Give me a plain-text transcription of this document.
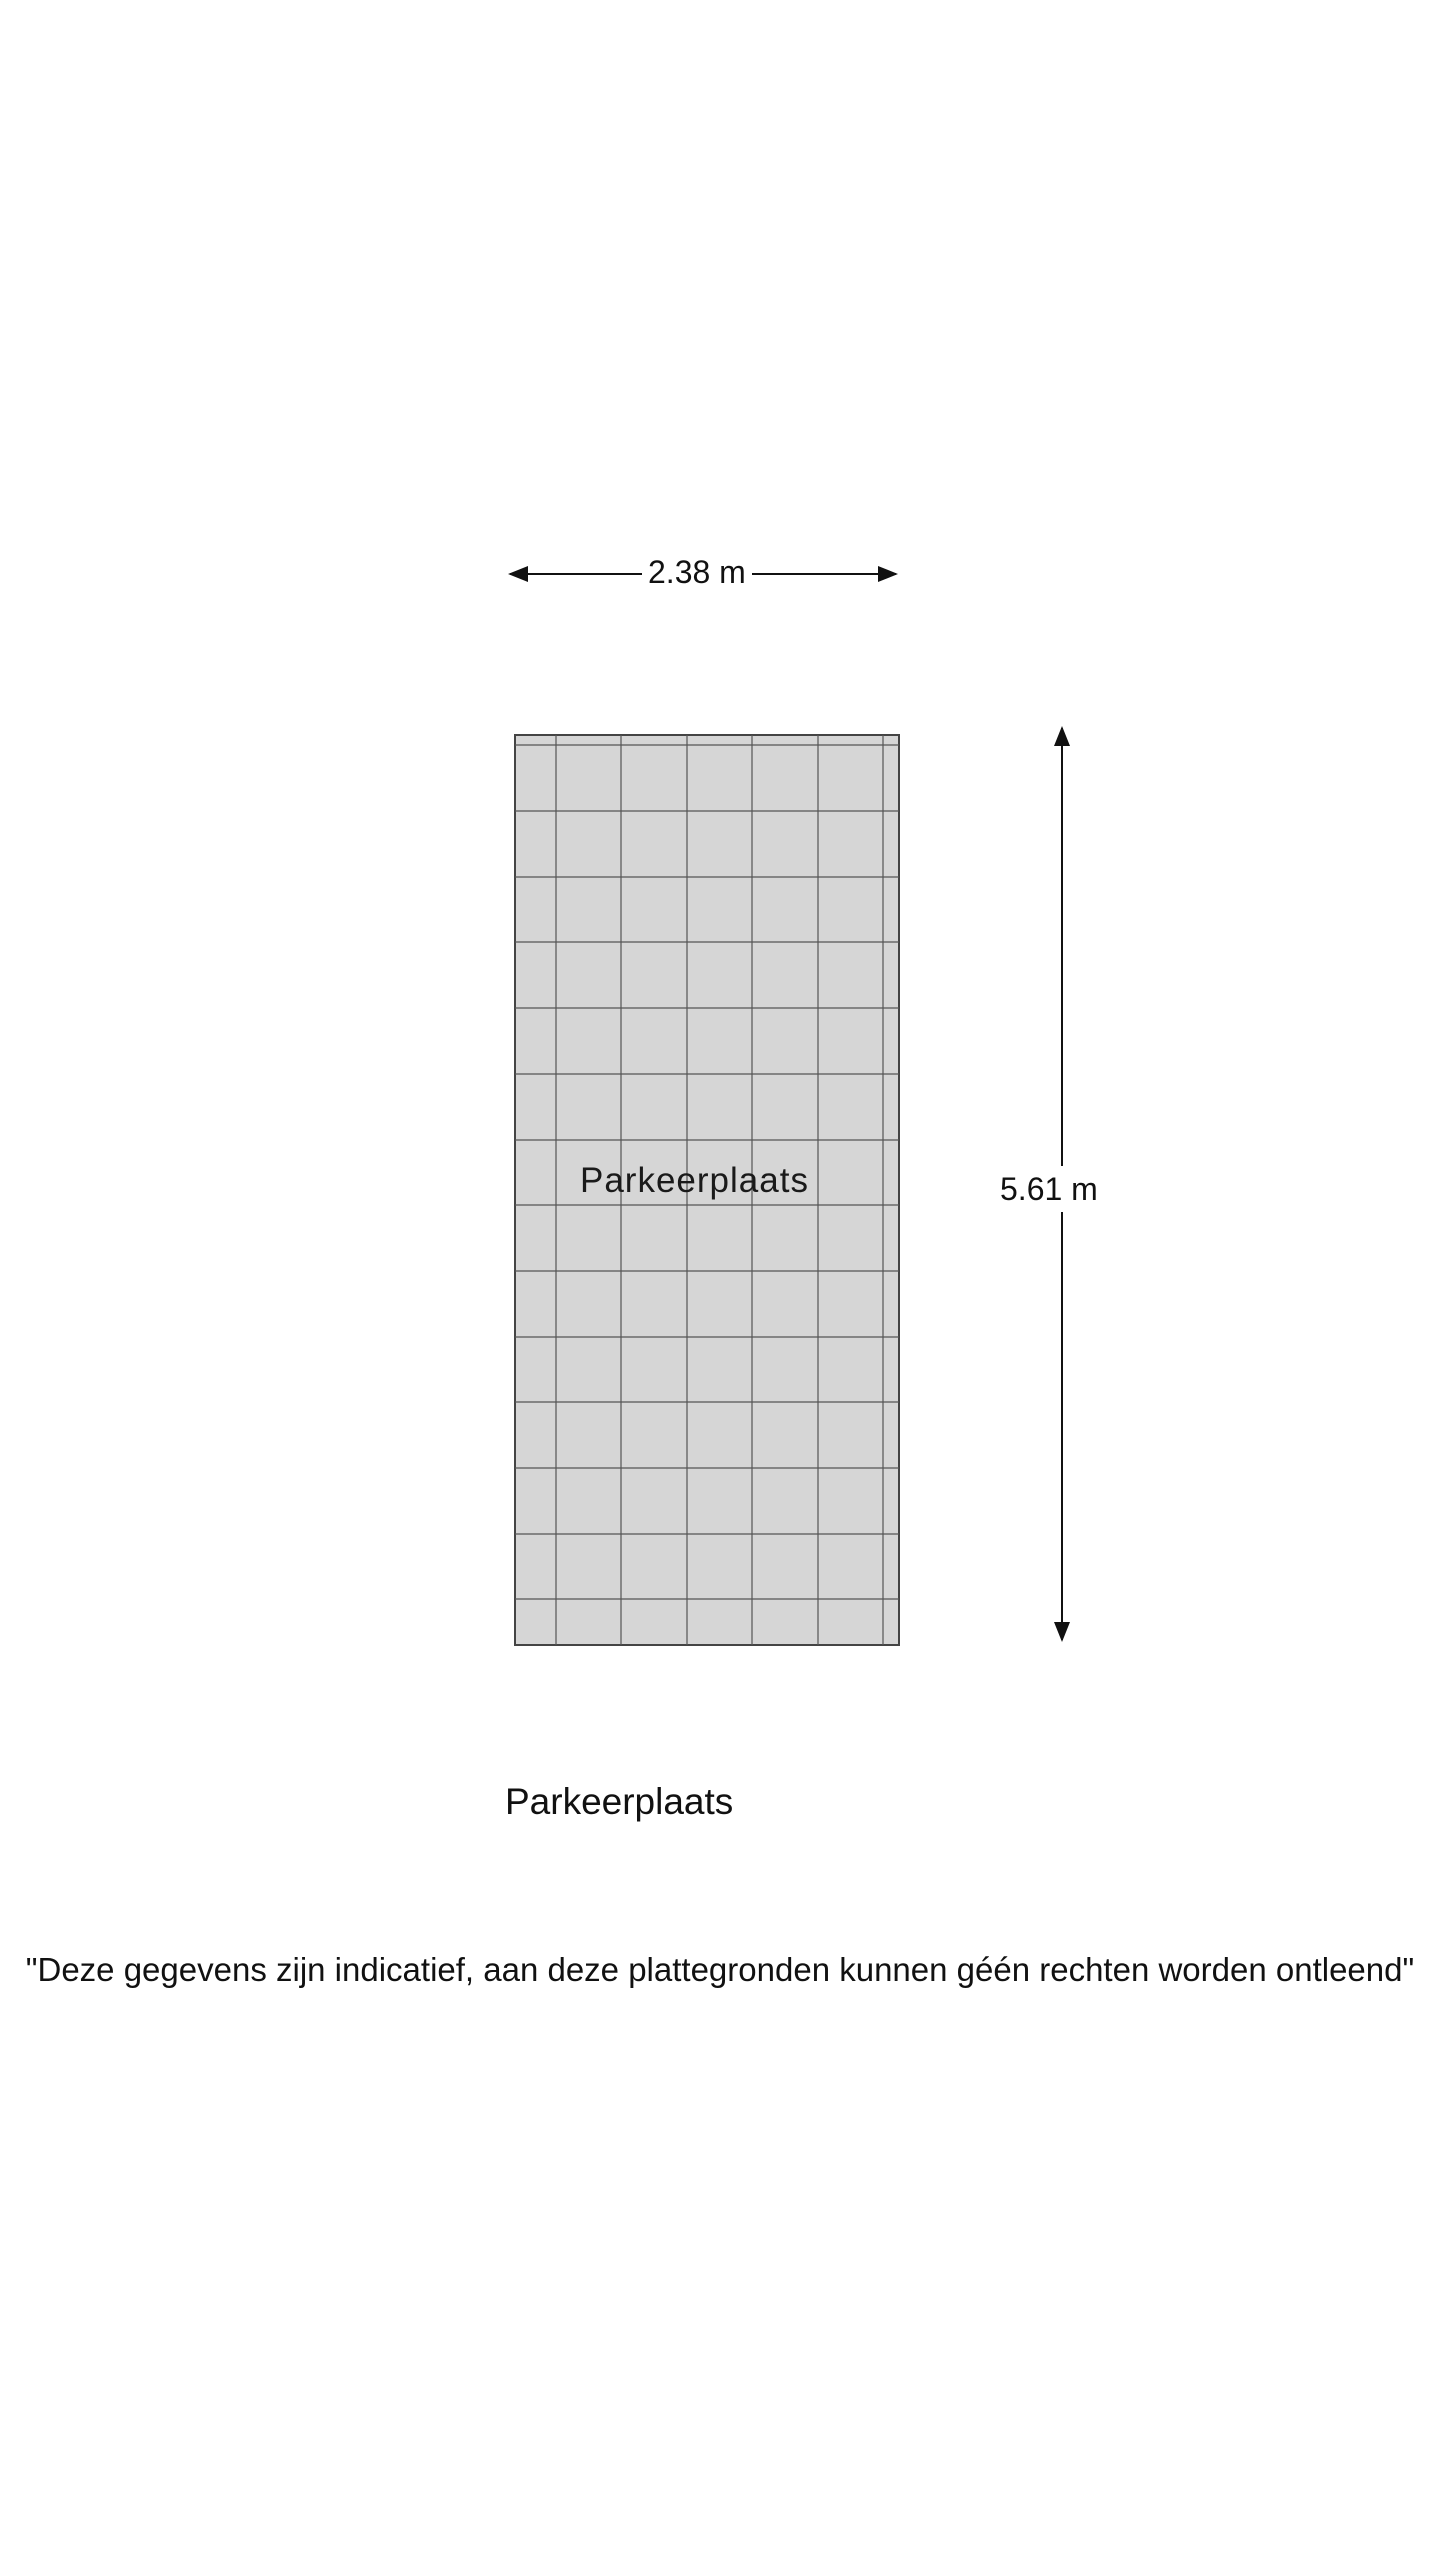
2.38 m
5.61 m
Parkeerplaats
Parkeerplaats
"Deze gegevens zijn indicatief, aan deze plattegronden kunnen géén rechten worden ontleend"
